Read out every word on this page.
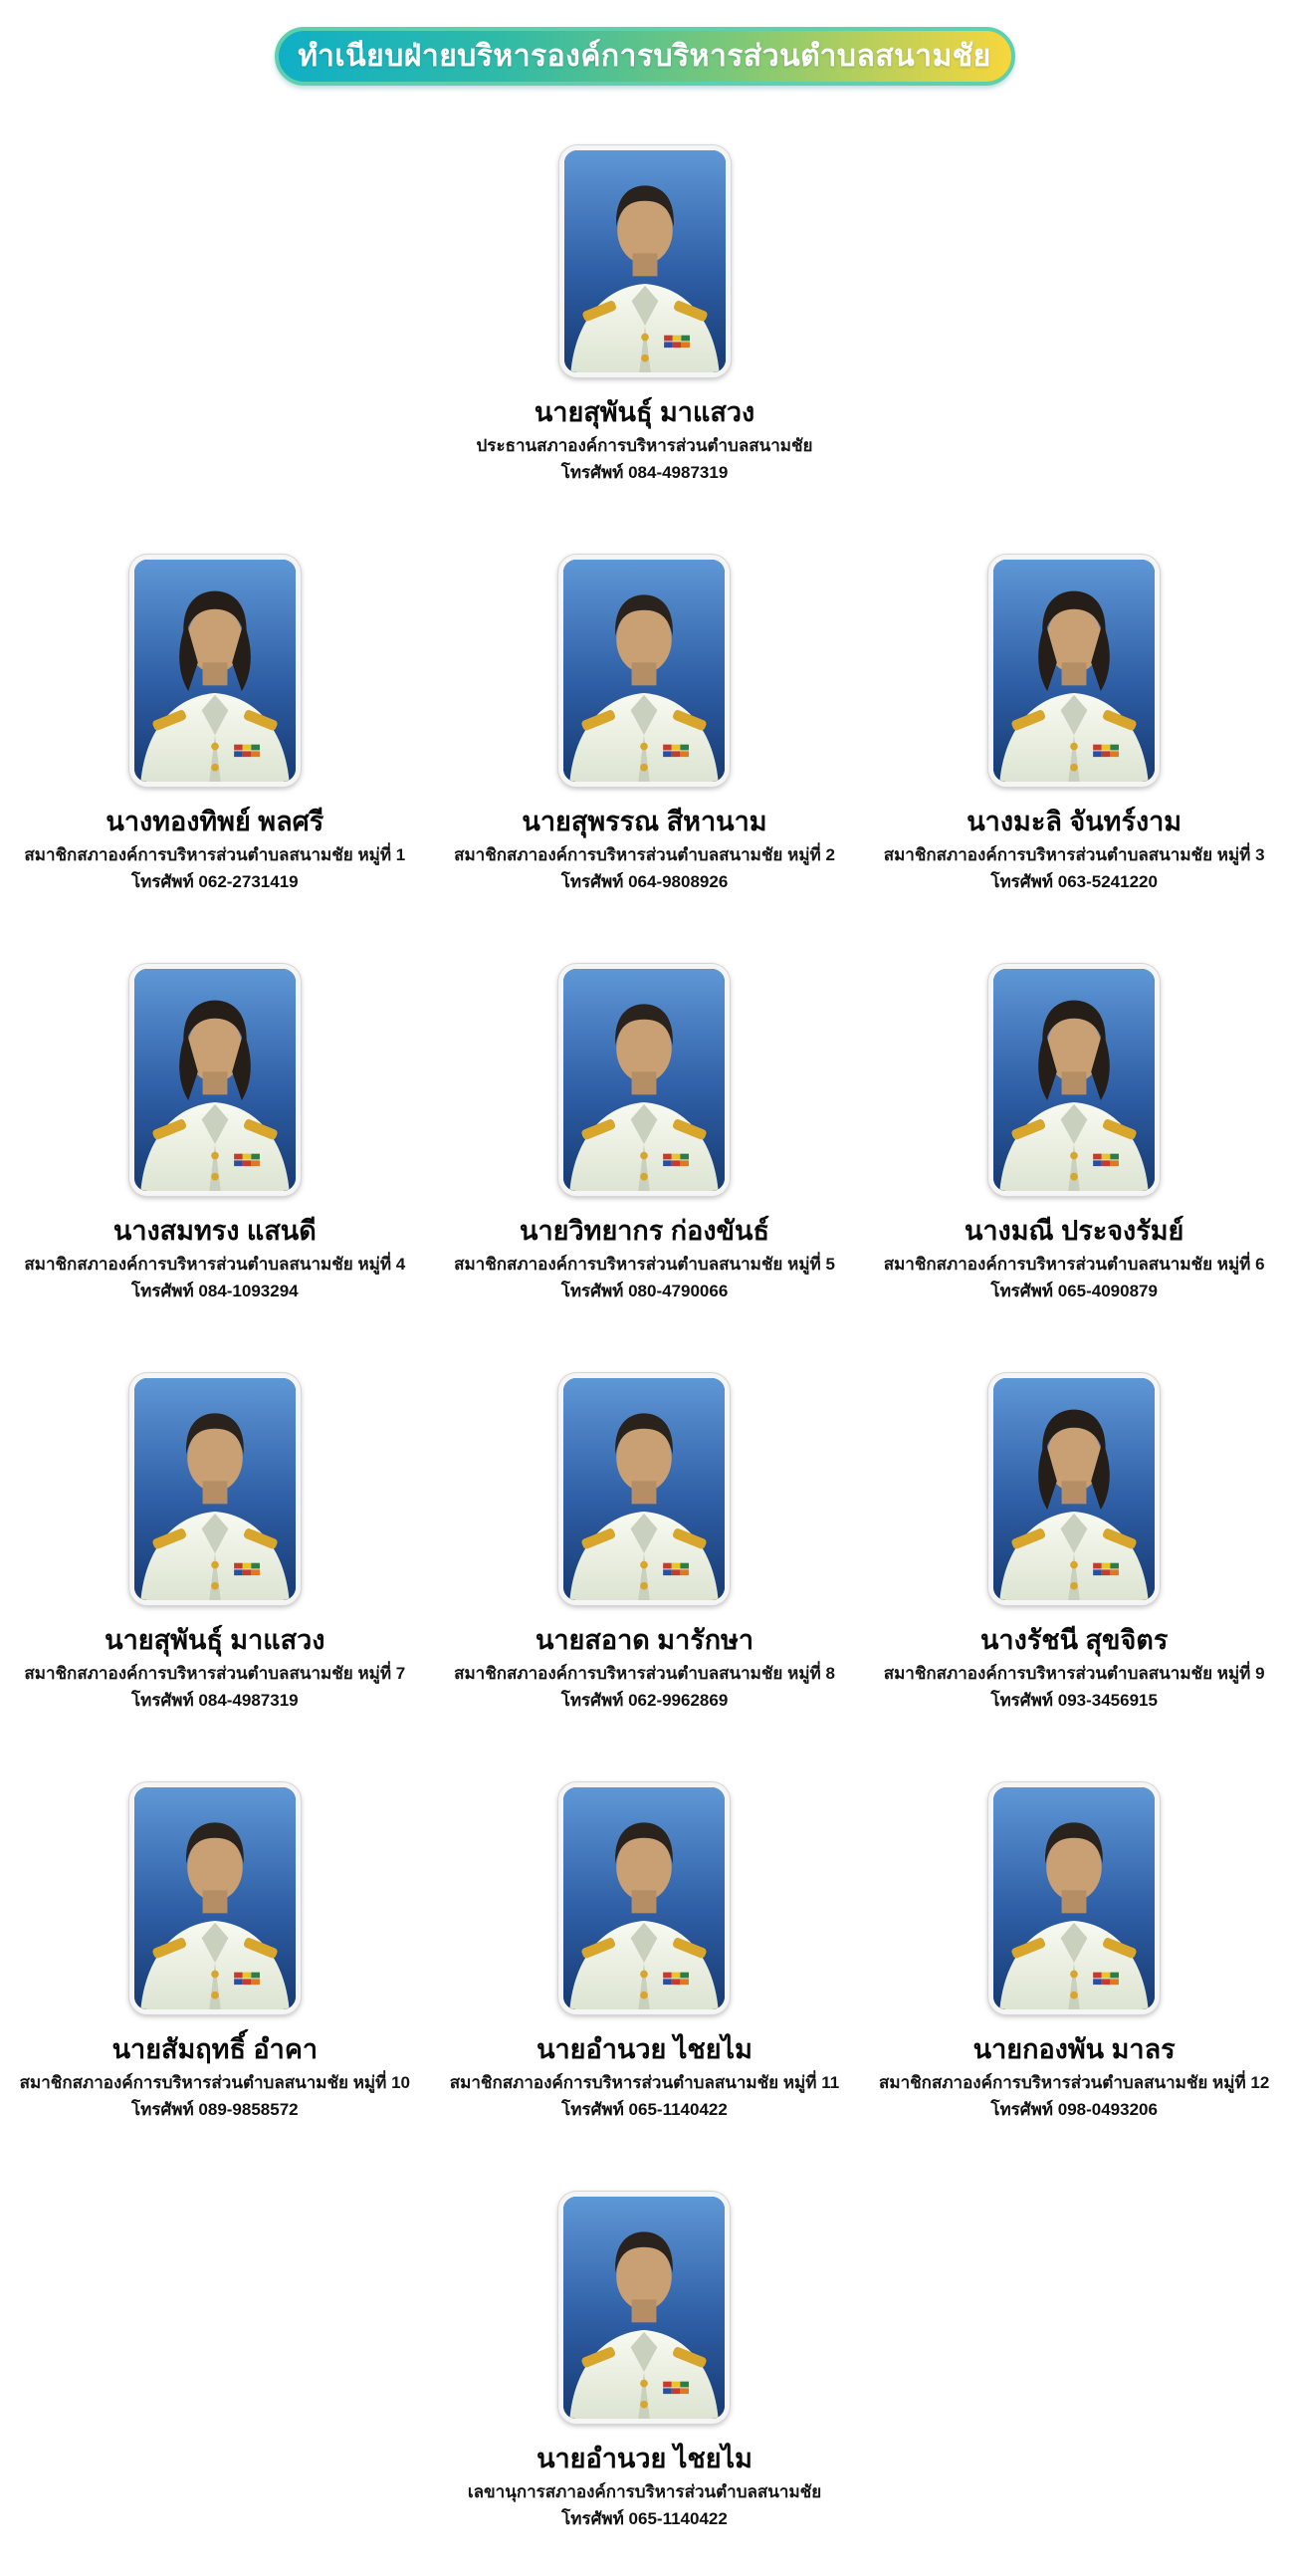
ทำเนียบฝ่ายบริหารองค์การบริหารส่วนตำบลสนามชัย
นายสุพันธุ์ มาแสวง
ประธานสภาองค์การบริหารส่วนตำบลสนามชัย
โทรศัพท์ 084-4987319
นางทองทิพย์ พลศรี
สมาชิกสภาองค์การบริหารส่วนตำบลสนามชัย หมู่ที่ 1
โทรศัพท์ 062-2731419
นายสุพรรณ สีหานาม
สมาชิกสภาองค์การบริหารส่วนตำบลสนามชัย หมู่ที่ 2
โทรศัพท์ 064-9808926
นางมะลิ จันทร์งาม
สมาชิกสภาองค์การบริหารส่วนตำบลสนามชัย หมู่ที่ 3
โทรศัพท์ 063-5241220
นางสมทรง แสนดี
สมาชิกสภาองค์การบริหารส่วนตำบลสนามชัย หมู่ที่ 4
โทรศัพท์ 084-1093294
นายวิทยากร ก่องขันธ์
สมาชิกสภาองค์การบริหารส่วนตำบลสนามชัย หมู่ที่ 5
โทรศัพท์ 080-4790066
นางมณี ประจงรัมย์
สมาชิกสภาองค์การบริหารส่วนตำบลสนามชัย หมู่ที่ 6
โทรศัพท์ 065-4090879
นายสุพันธุ์ มาแสวง
สมาชิกสภาองค์การบริหารส่วนตำบลสนามชัย หมู่ที่ 7
โทรศัพท์ 084-4987319
นายสอาด มารักษา
สมาชิกสภาองค์การบริหารส่วนตำบลสนามชัย หมู่ที่ 8
โทรศัพท์ 062-9962869
นางรัชนี สุขจิตร
สมาชิกสภาองค์การบริหารส่วนตำบลสนามชัย หมู่ที่ 9
โทรศัพท์ 093-3456915
นายสัมฤทธิ์ อำคา
สมาชิกสภาองค์การบริหารส่วนตำบลสนามชัย หมู่ที่ 10
โทรศัพท์ 089-9858572
นายอำนวย ไชยไม
สมาชิกสภาองค์การบริหารส่วนตำบลสนามชัย หมู่ที่ 11
โทรศัพท์ 065-1140422
นายกองพัน มาลร
สมาชิกสภาองค์การบริหารส่วนตำบลสนามชัย หมู่ที่ 12
โทรศัพท์ 098-0493206
นายอำนวย ไชยไม
เลขานุการสภาองค์การบริหารส่วนตำบลสนามชัย
โทรศัพท์ 065-1140422
